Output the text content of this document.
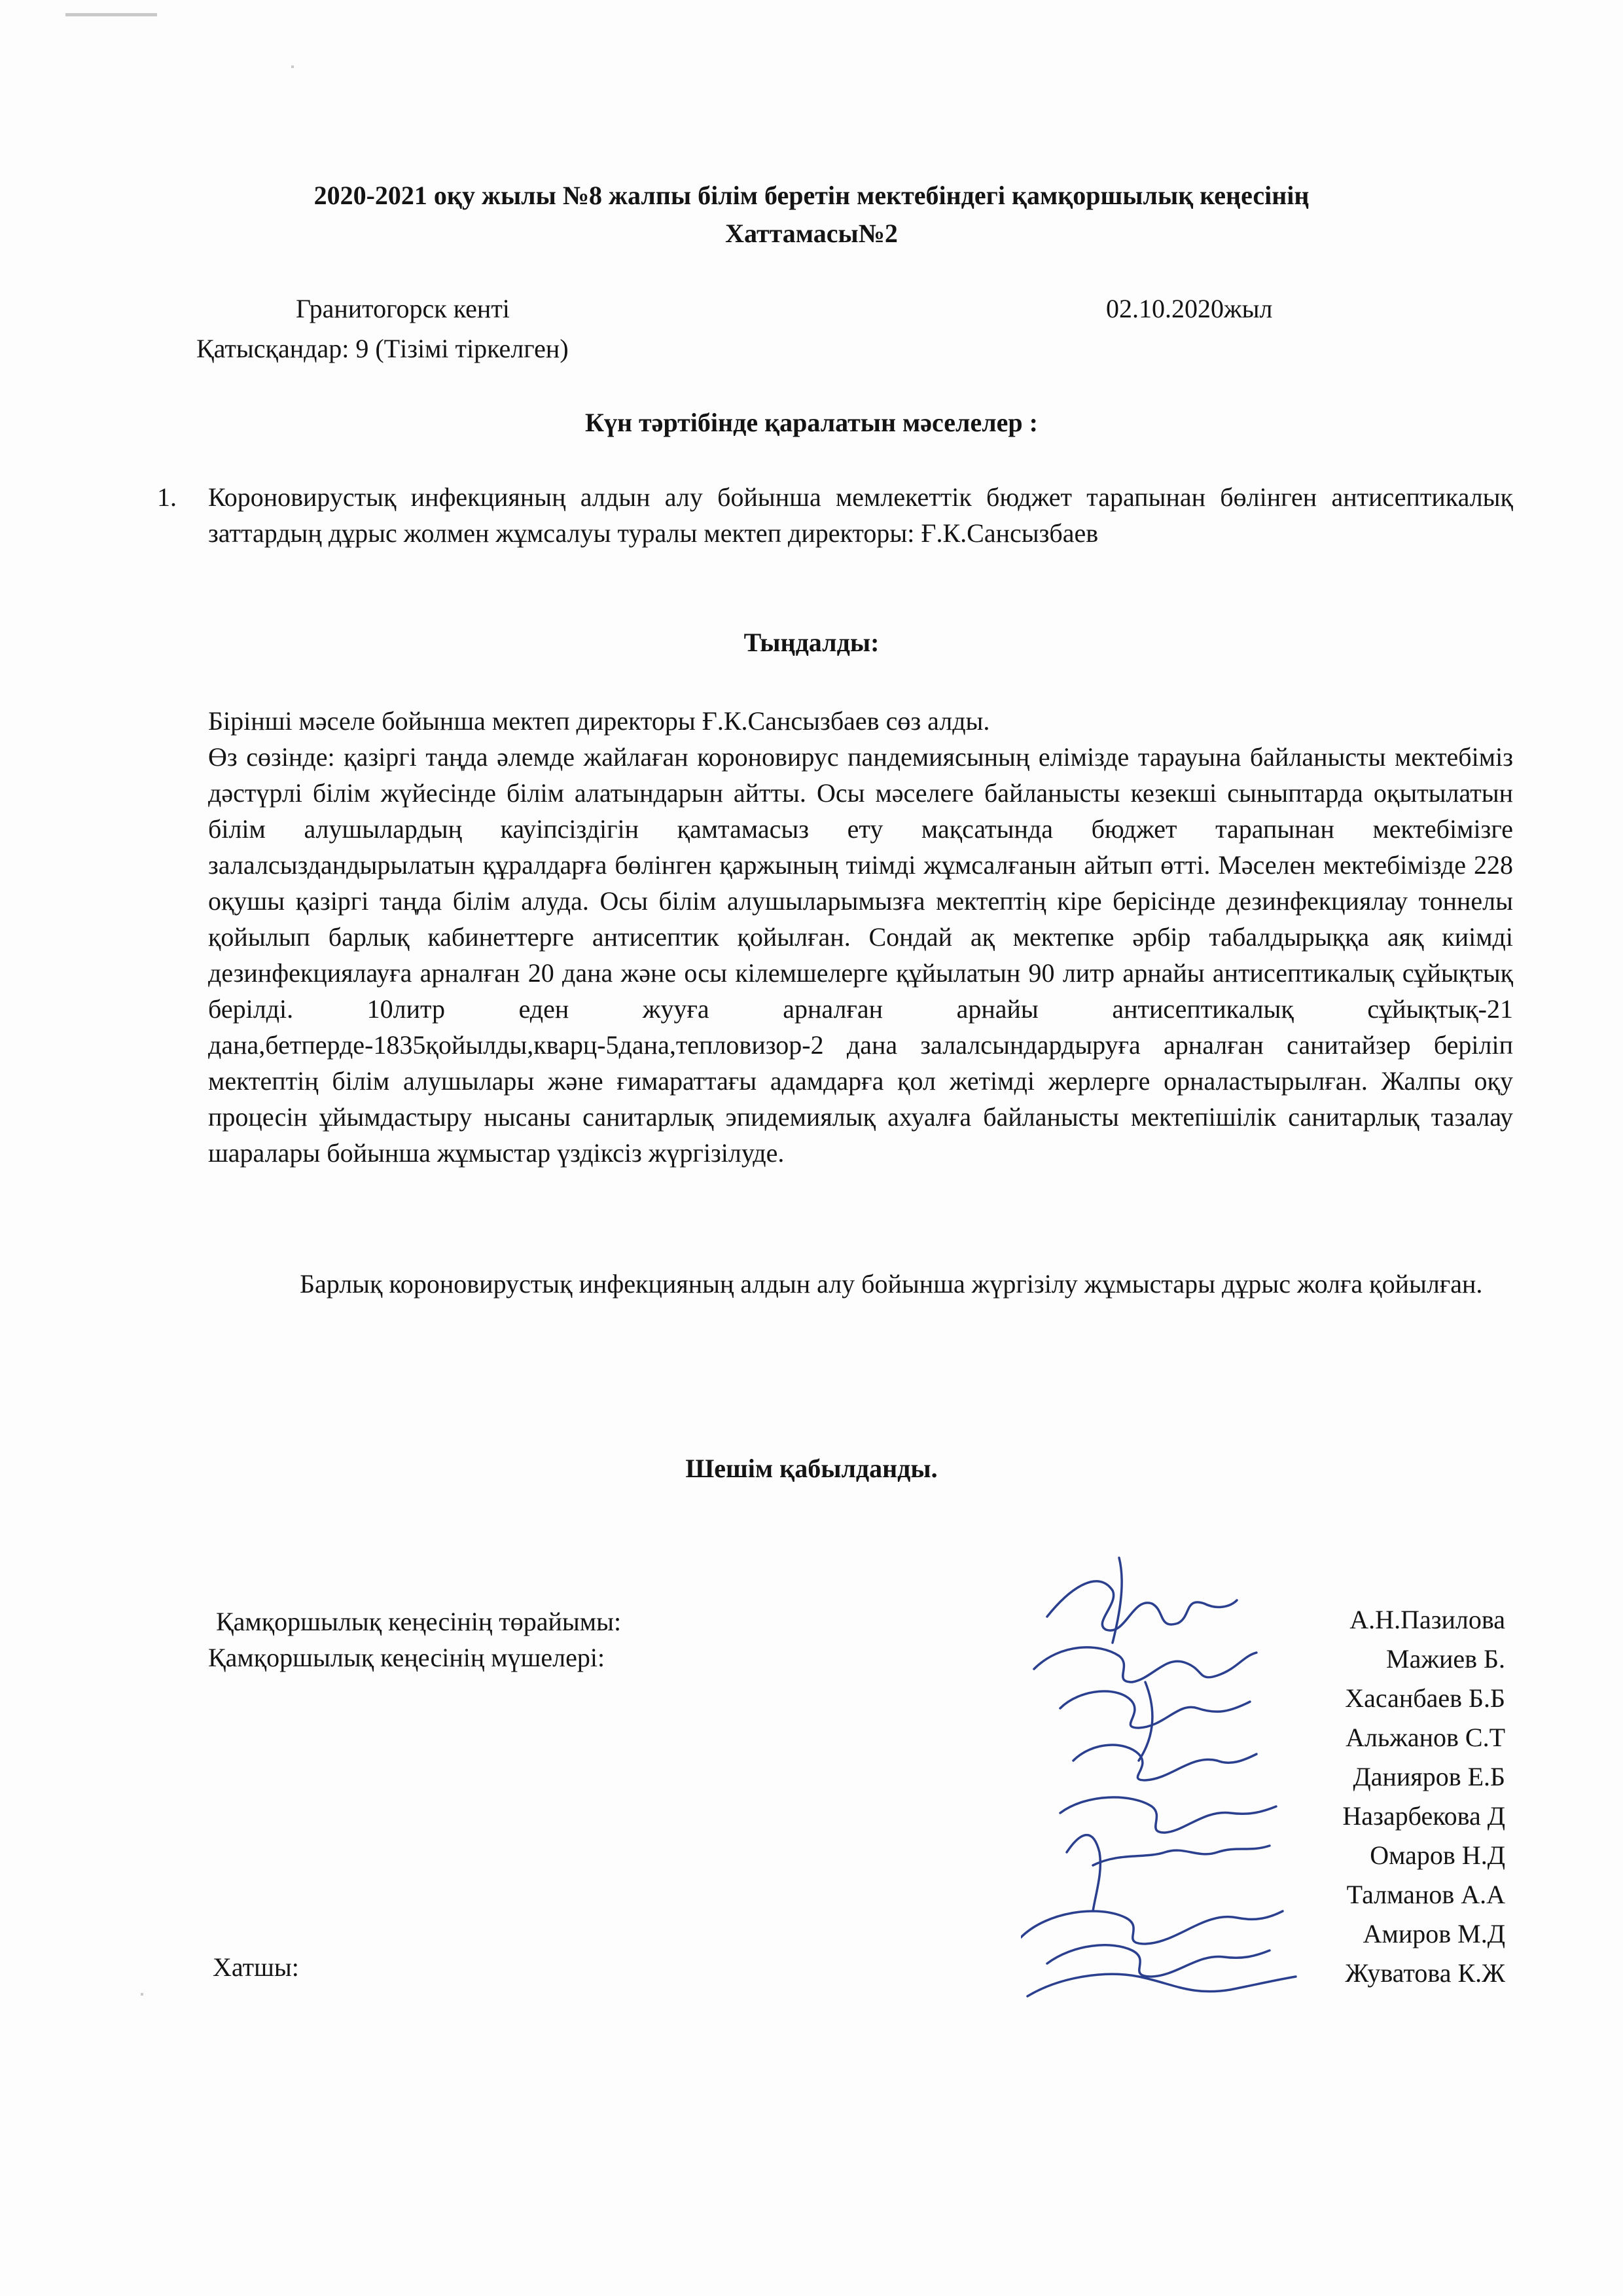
2020-2021 оқу жылы №8 жалпы білім беретін мектебіндегі қамқоршылық кеңесінің
Хаттамасы№2
Гранитогорск кенті	02.10.2020жыл
Қатысқандар: 9 (Тізімі тіркелген)
Күн тәртібінде қаралатын мәселелер :
1. Короновирустық инфекцияның алдын алу бойынша мемлекеттік бюджет тарапынан бөлінген антисептикалық заттардың дұрыс жолмен жұмсалуы туралы мектеп директоры: Ғ.К.Сансызбаев
Тыңдалды:
Бірінші мәселе бойынша мектеп директоры Ғ.К.Сансызбаев сөз алды.
Өз сөзінде: қазіргі таңда әлемде жайлаған короновирус пандемиясының елімізде тарауына байланысты мектебіміз дәстүрлі білім жүйесінде білім алатындарын айтты. Осы мәселеге байланысты кезекші сыныптарда оқытылатын білім алушылардың кауіпсіздігін қамтамасыз ету мақсатында бюджет тарапынан мектебімізге залалсыздандырылатын құралдарға бөлінген қаржының тиімді жұмсалғанын айтып өтті. Мәселен мектебімізде 228 оқушы қазіргі таңда білім алуда. Осы білім алушыларымызға мектептің кіре берісінде дезинфекциялау тоннелы қойылып барлық кабинеттерге антисептик қойылған. Сондай ақ мектепке әрбір табалдырыққа аяқ киімді дезинфекциялауға арналған 20 дана және осы кілемшелерге құйылатын 90 литр арнайы антисептикалық сұйықтық берілді. 10литр еден жууға арналған арнайы антисептикалық сұйықтық-21 дана,бетперде-1835қойылды,кварц-5дана,тепловизор-2 дана залалсындардыруға арналған санитайзер беріліп мектептің білім алушылары және ғимараттағы адамдарға қол жетімді жерлерге орналастырылған. Жалпы оқу процесін ұйымдастыру нысаны санитарлық эпидемиялық ахуалға байланысты мектепішілік санитарлық тазалау шаралары бойынша жұмыстар үздіксіз жүргізілуде.
Барлық короновирустық инфекцияның алдын алу бойынша жүргізілу жұмыстары дұрыс жолға қойылған.
Шешім қабылданды.
Қамқоршылық кеңесінің төрайымы:
Қамқоршылық кеңесінің мүшелері:
Хатшы:
А.Н.Пазилова
Мажиев Б.
Хасанбаев Б.Б
Альжанов С.Т
Данияров Е.Б
Назарбекова Д
Омаров Н.Д
Талманов А.А
Амиров М.Д
Жуватова К.Ж
